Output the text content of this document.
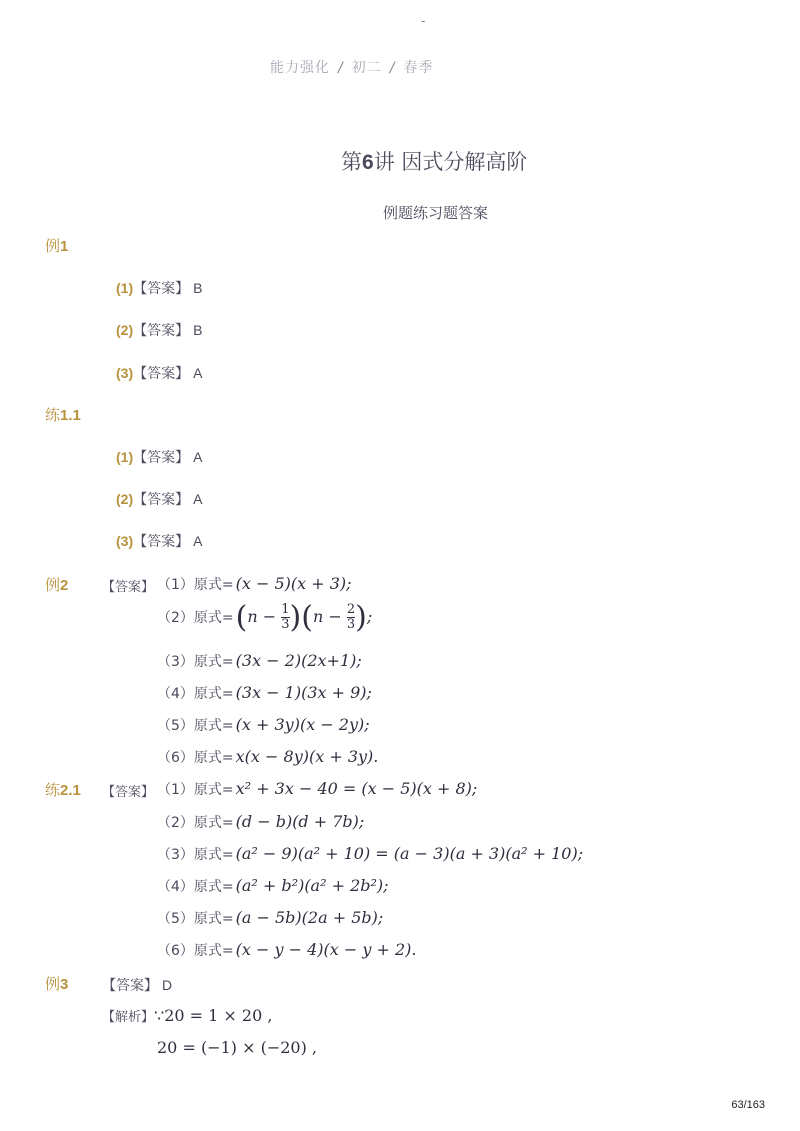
-
能力强化 / 初二 / 春季
第6讲 因式分解高阶
例题练习题答案
例1
(1)【答案】 B
(2)【答案】 B
(3)【答案】 A
练1.1
(1)【答案】 A
(2)【答案】 A
(3)【答案】 A
例2	【答案】 （1）原式= (x − 5)(x + 3);
（2）原式$=(n - \frac{1}{3} )(n - \frac{2}{3}$ );
（3）原式= (3x − 2)(2x+1);
（4）原式= (3x − 1)(3x + 9);
（5）原式= (x + 3y)(x − 2y);
（6）原式= x(x − 8y)(x + 3y).
练2.1 【答案】 （1）原式= x² + 3x − 40 = (x − 5)(x + 8);
（2）原式= (d − b)(d + 7b);
（3）原式= (a² − 9)(a² + 10) = (a − 3)(a + 3)(a² + 10);
（4）原式= (a² + b²)(a² + 2b²);
（5）原式= (a − 5b)(2a + 5b);
（6）原式= (x − y − 4)(x − y + 2).
例3 【答案】 D
【解析】∵20 = 1 × 20 ,
20 = (−1) × (−20) ,
63/163
